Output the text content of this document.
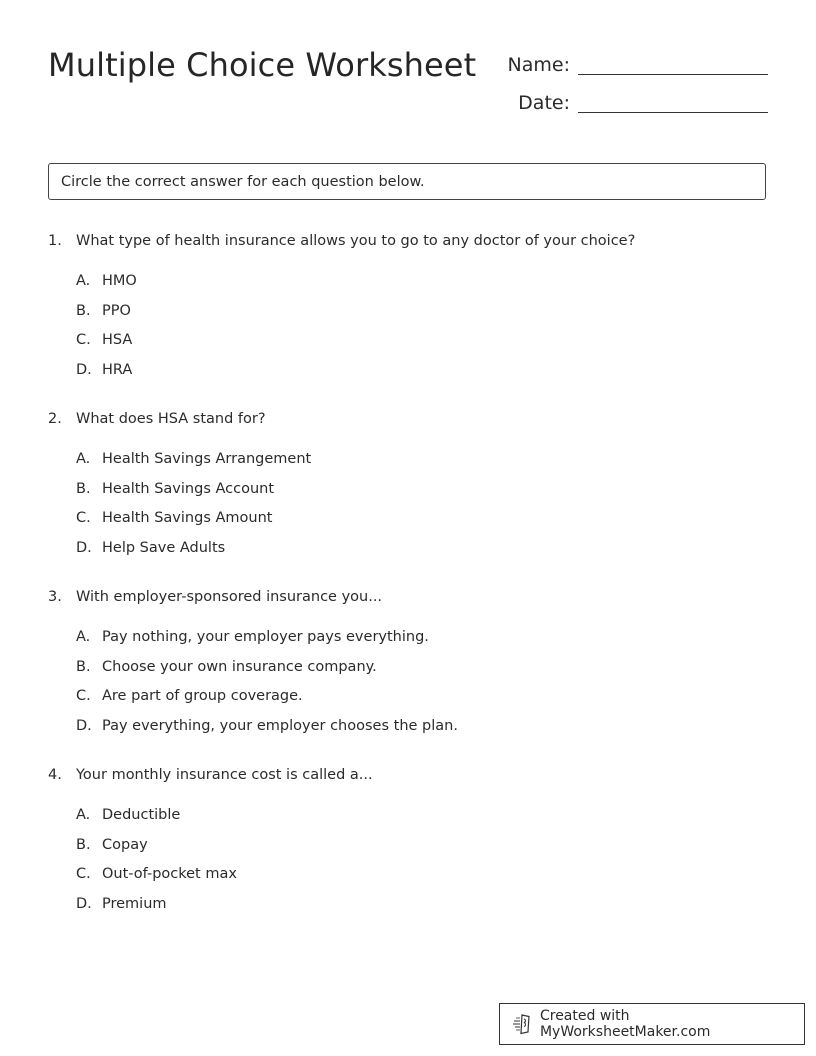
Multiple Choice Worksheet	Name:
Date:
Circle the correct answer for each question below.
1. What type of health insurance allows you to go to any doctor of your choice?
A. HMO
B. PPO
C. HSA
D. HRA
2. What does HSA stand for?
A. Health Savings Arrangement
B. Health Savings Account
C. Health Savings Amount
D. Help Save Adults
3. With employer-sponsored insurance you...
A. Pay nothing, your employer pays everything.
B. Choose your own insurance company.
C. Are part of group coverage.
D. Pay everything, your employer chooses the plan.
4. Your monthly insurance cost is called a...
A. Deductible
B. Copay
C. Out-of-pocket max
D. Premium
Created with MyWorksheetMaker.com
